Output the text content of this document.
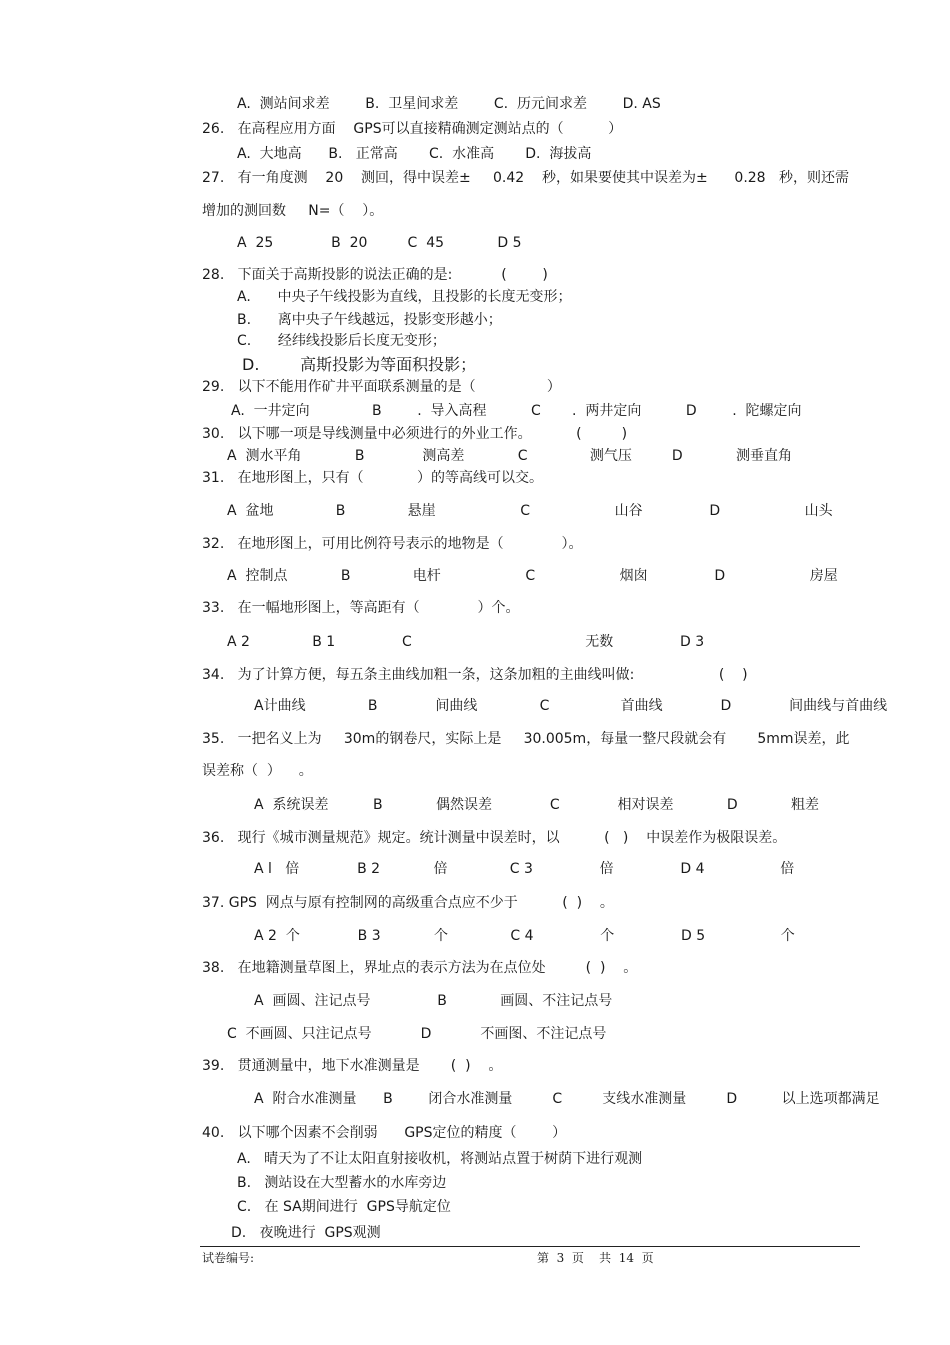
A.  测站间求差        B.  卫星间求差        C.  历元间求差        D. AS
26.   在高程应用方面    GPS可以直接精确测定测站点的（          ）
A.  大地高      B.   正常高       C.  水准高       D.  海拔高
27.   有一角度测    20    测回，得中误差±     0.42    秒，如果要使其中误差为±      0.28   秒，则还需
增加的测回数     N=（    ）。
A  25             B  20         C  45            D 5
28.   下面关于高斯投影的说法正确的是:           (        )
A.      中央子午线投影为直线，且投影的长度无变形；
B.      离中央子午线越远，投影变形越小；
C.      经纬线投影后长度无变形；
D.        高斯投影为等面积投影；
29.   以下不能用作矿井平面联系测量的是（                ）
A.  一井定向              B        .  导入高程          C       .  两井定向          D        .  陀螺定向
30.   以下哪一项是导线测量中必须进行的外业工作。          (         )
A  测水平角            B             测高差            C              测气压         D            测垂直角
31.   在地形图上，只有（            ）的等高线可以交。
A  盆地              B              悬崖                   C                   山谷               D                   山头
32.   在地形图上，可用比例符号表示的地物是（             ）。
A  控制点            B              电杆                   C                   烟囱               D                   房屋
33.   在一幅地形图上，等高距有（             ）个。
A 2              B 1               C                                       无数               D 3
34.   为了计算方便，每五条主曲线加粗一条，这条加粗的主曲线叫做:                   (    )
A计曲线              B             间曲线              C                首曲线             D             间曲线与首曲线
35.   一把名义上为     30m的钢卷尺，实际上是     30.005m，每量一整尺段就会有       5mm误差，此
误差称（  ）    。
A  系统误差          B            偶然误差             C             相对误差            D            粗差
36.   现行《城市测量规范》规定。统计测量中误差时，以          (   )    中误差作为极限误差。
A l   倍             B 2            倍              C 3               倍               D 4                 倍
37. GPS  网点与原有控制网的高级重合点应不少于          (  )    。
A 2  个             B 3            个              C 4               个               D 5                 个
38.   在地籍测量草图上，界址点的表示方法为在点位处         (  )    。
A  画圆、注记点号               B            画圆、不注记点号
C  不画圆、只注记点号           D           不画图、不注记点号
39.   贯通测量中，地下水准测量是       (  )    。
A  附合水准测量      B        闭合水准测量         C         支线水准测量         D          以上选项都满足
40.   以下哪个因素不会削弱      GPS定位的精度（        ）
A.   晴天为了不让太阳直射接收机，将测站点置于树荫下进行观测
B.   测站设在大型蓄水的水库旁边
C.   在 SA期间进行  GPS导航定位
D.   夜晚进行  GPS观测
试卷编号:	第  3  页    共  14  页
